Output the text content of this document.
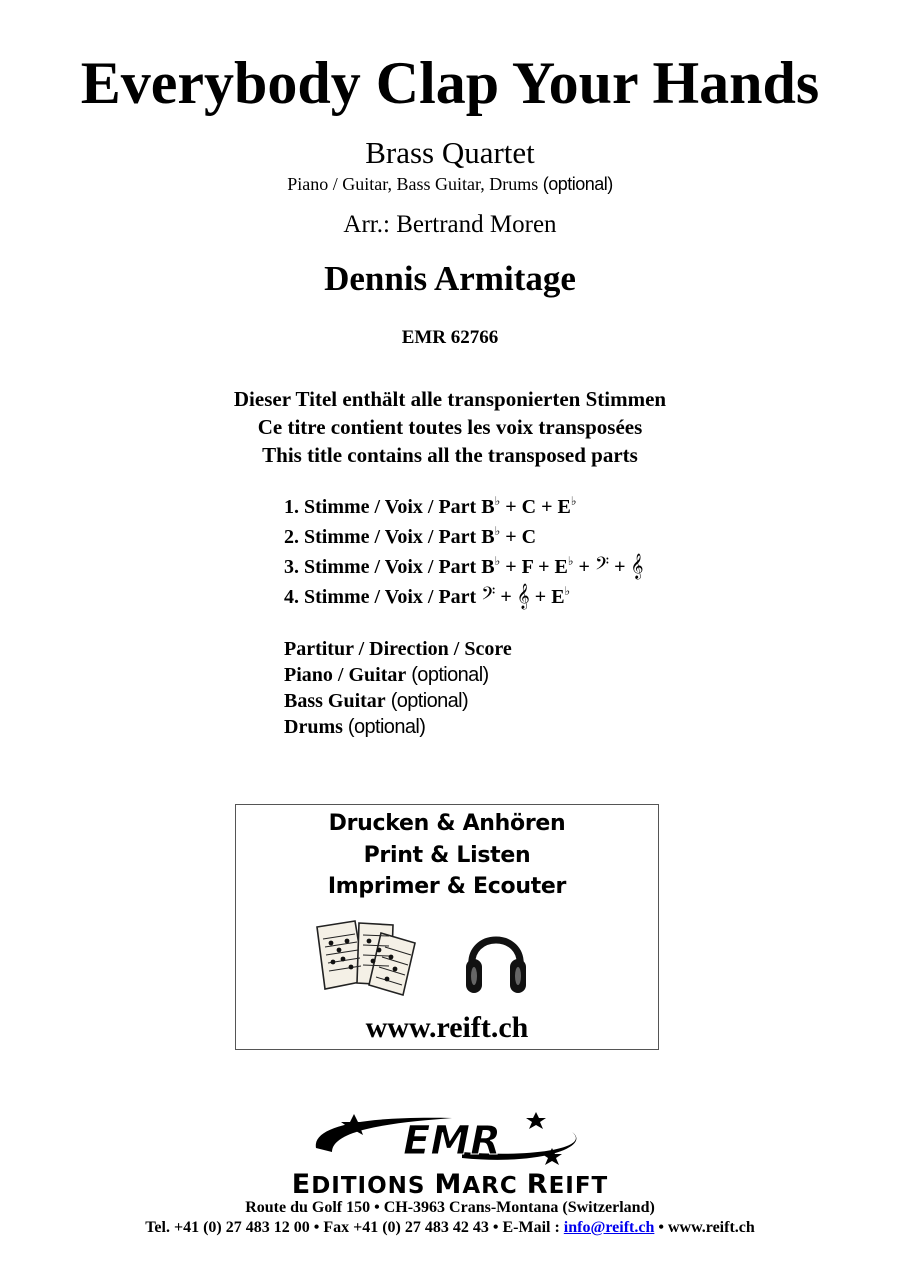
Everybody Clap Your Hands
Brass Quartet
Piano / Guitar, Bass Guitar, Drums (optional)
Arr.: Bertrand Moren
Dennis Armitage
EMR 62766
Dieser Titel enthält alle transponierten Stimmen
Ce titre contient toutes les voix transposées
This title contains all the transposed parts
1. Stimme / Voix / Part B♭ + C + E♭
2. Stimme / Voix / Part B♭ + C
3. Stimme / Voix / Part B♭ + F + E♭ + 𝄢 + 𝄞
4. Stimme / Voix / Part 𝄢 + 𝄞 + E♭
Partitur / Direction / Score
Piano / Guitar (optional)
Bass Guitar (optional)
Drums (optional)
Drucken & Anhören
Print & Listen
Imprimer & Ecouter
www.reift.ch
EMR
EDITIONS MARC REIFT
Route du Golf 150 • CH-3963 Crans-Montana (Switzerland)
Tel. +41 (0) 27 483 12 00 • Fax +41 (0) 27 483 42 43 • E-Mail : info@reift.ch • www.reift.ch
